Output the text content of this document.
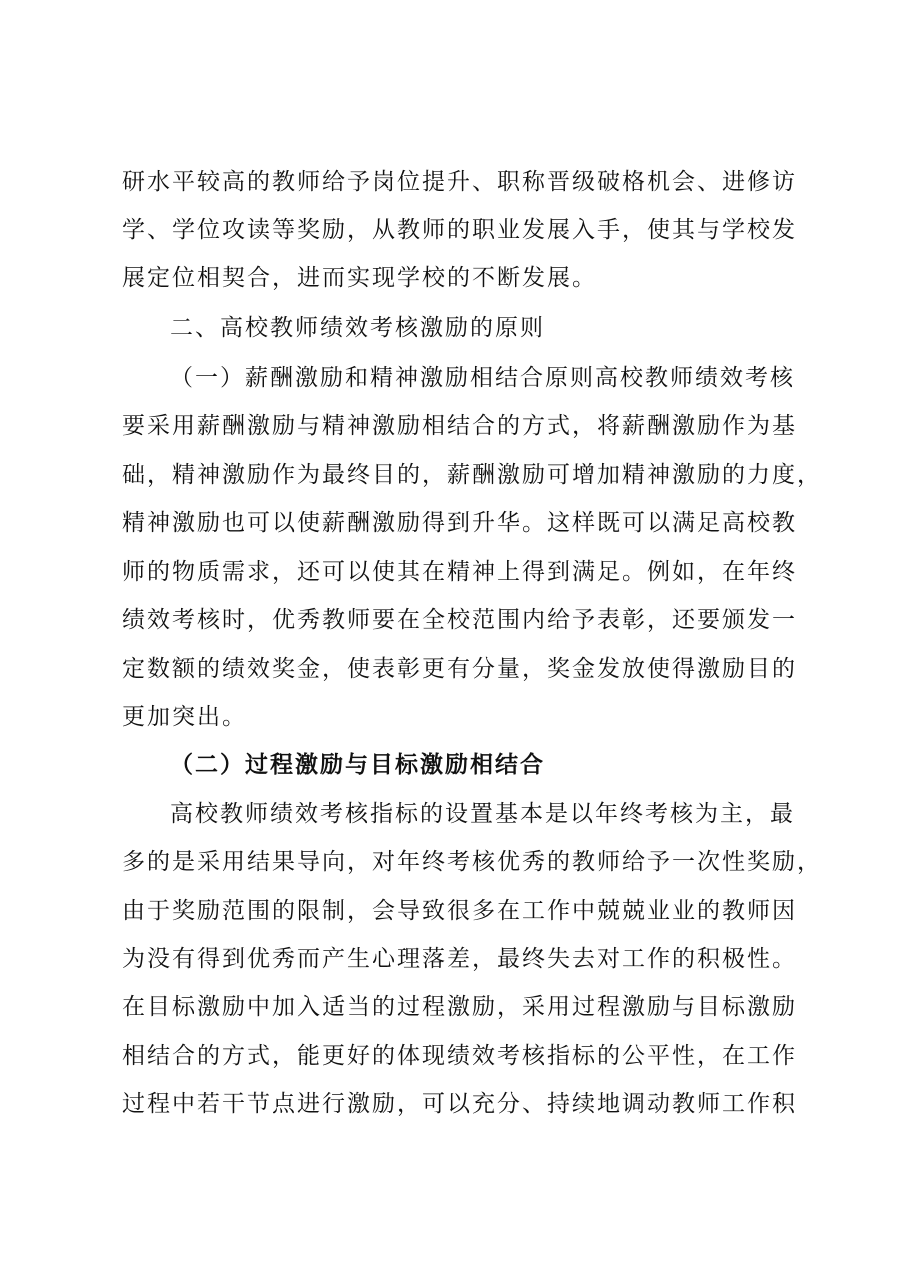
研水平较高的教师给予岗位提升、职称晋级破格机会、进修访
学、学位攻读等奖励，从教师的职业发展入手，使其与学校发
展定位相契合，进而实现学校的不断发展。
二、高校教师绩效考核激励的原则
（一）薪酬激励和精神激励相结合原则高校教师绩效考核
要采用薪酬激励与精神激励相结合的方式，将薪酬激励作为基
础，精神激励作为最终目的，薪酬激励可增加精神激励的力度，
精神激励也可以使薪酬激励得到升华。这样既可以满足高校教
师的物质需求，还可以使其在精神上得到满足。例如，在年终
绩效考核时，优秀教师要在全校范围内给予表彰，还要颁发一
定数额的绩效奖金，使表彰更有分量，奖金发放使得激励目的
更加突出。
（二）过程激励与目标激励相结合
高校教师绩效考核指标的设置基本是以年终考核为主，最
多的是采用结果导向，对年终考核优秀的教师给予一次性奖励，
由于奖励范围的限制，会导致很多在工作中兢兢业业的教师因
为没有得到优秀而产生心理落差，最终失去对工作的积极性。
在目标激励中加入适当的过程激励，采用过程激励与目标激励
相结合的方式，能更好的体现绩效考核指标的公平性，在工作
过程中若干节点进行激励，可以充分、持续地调动教师工作积
